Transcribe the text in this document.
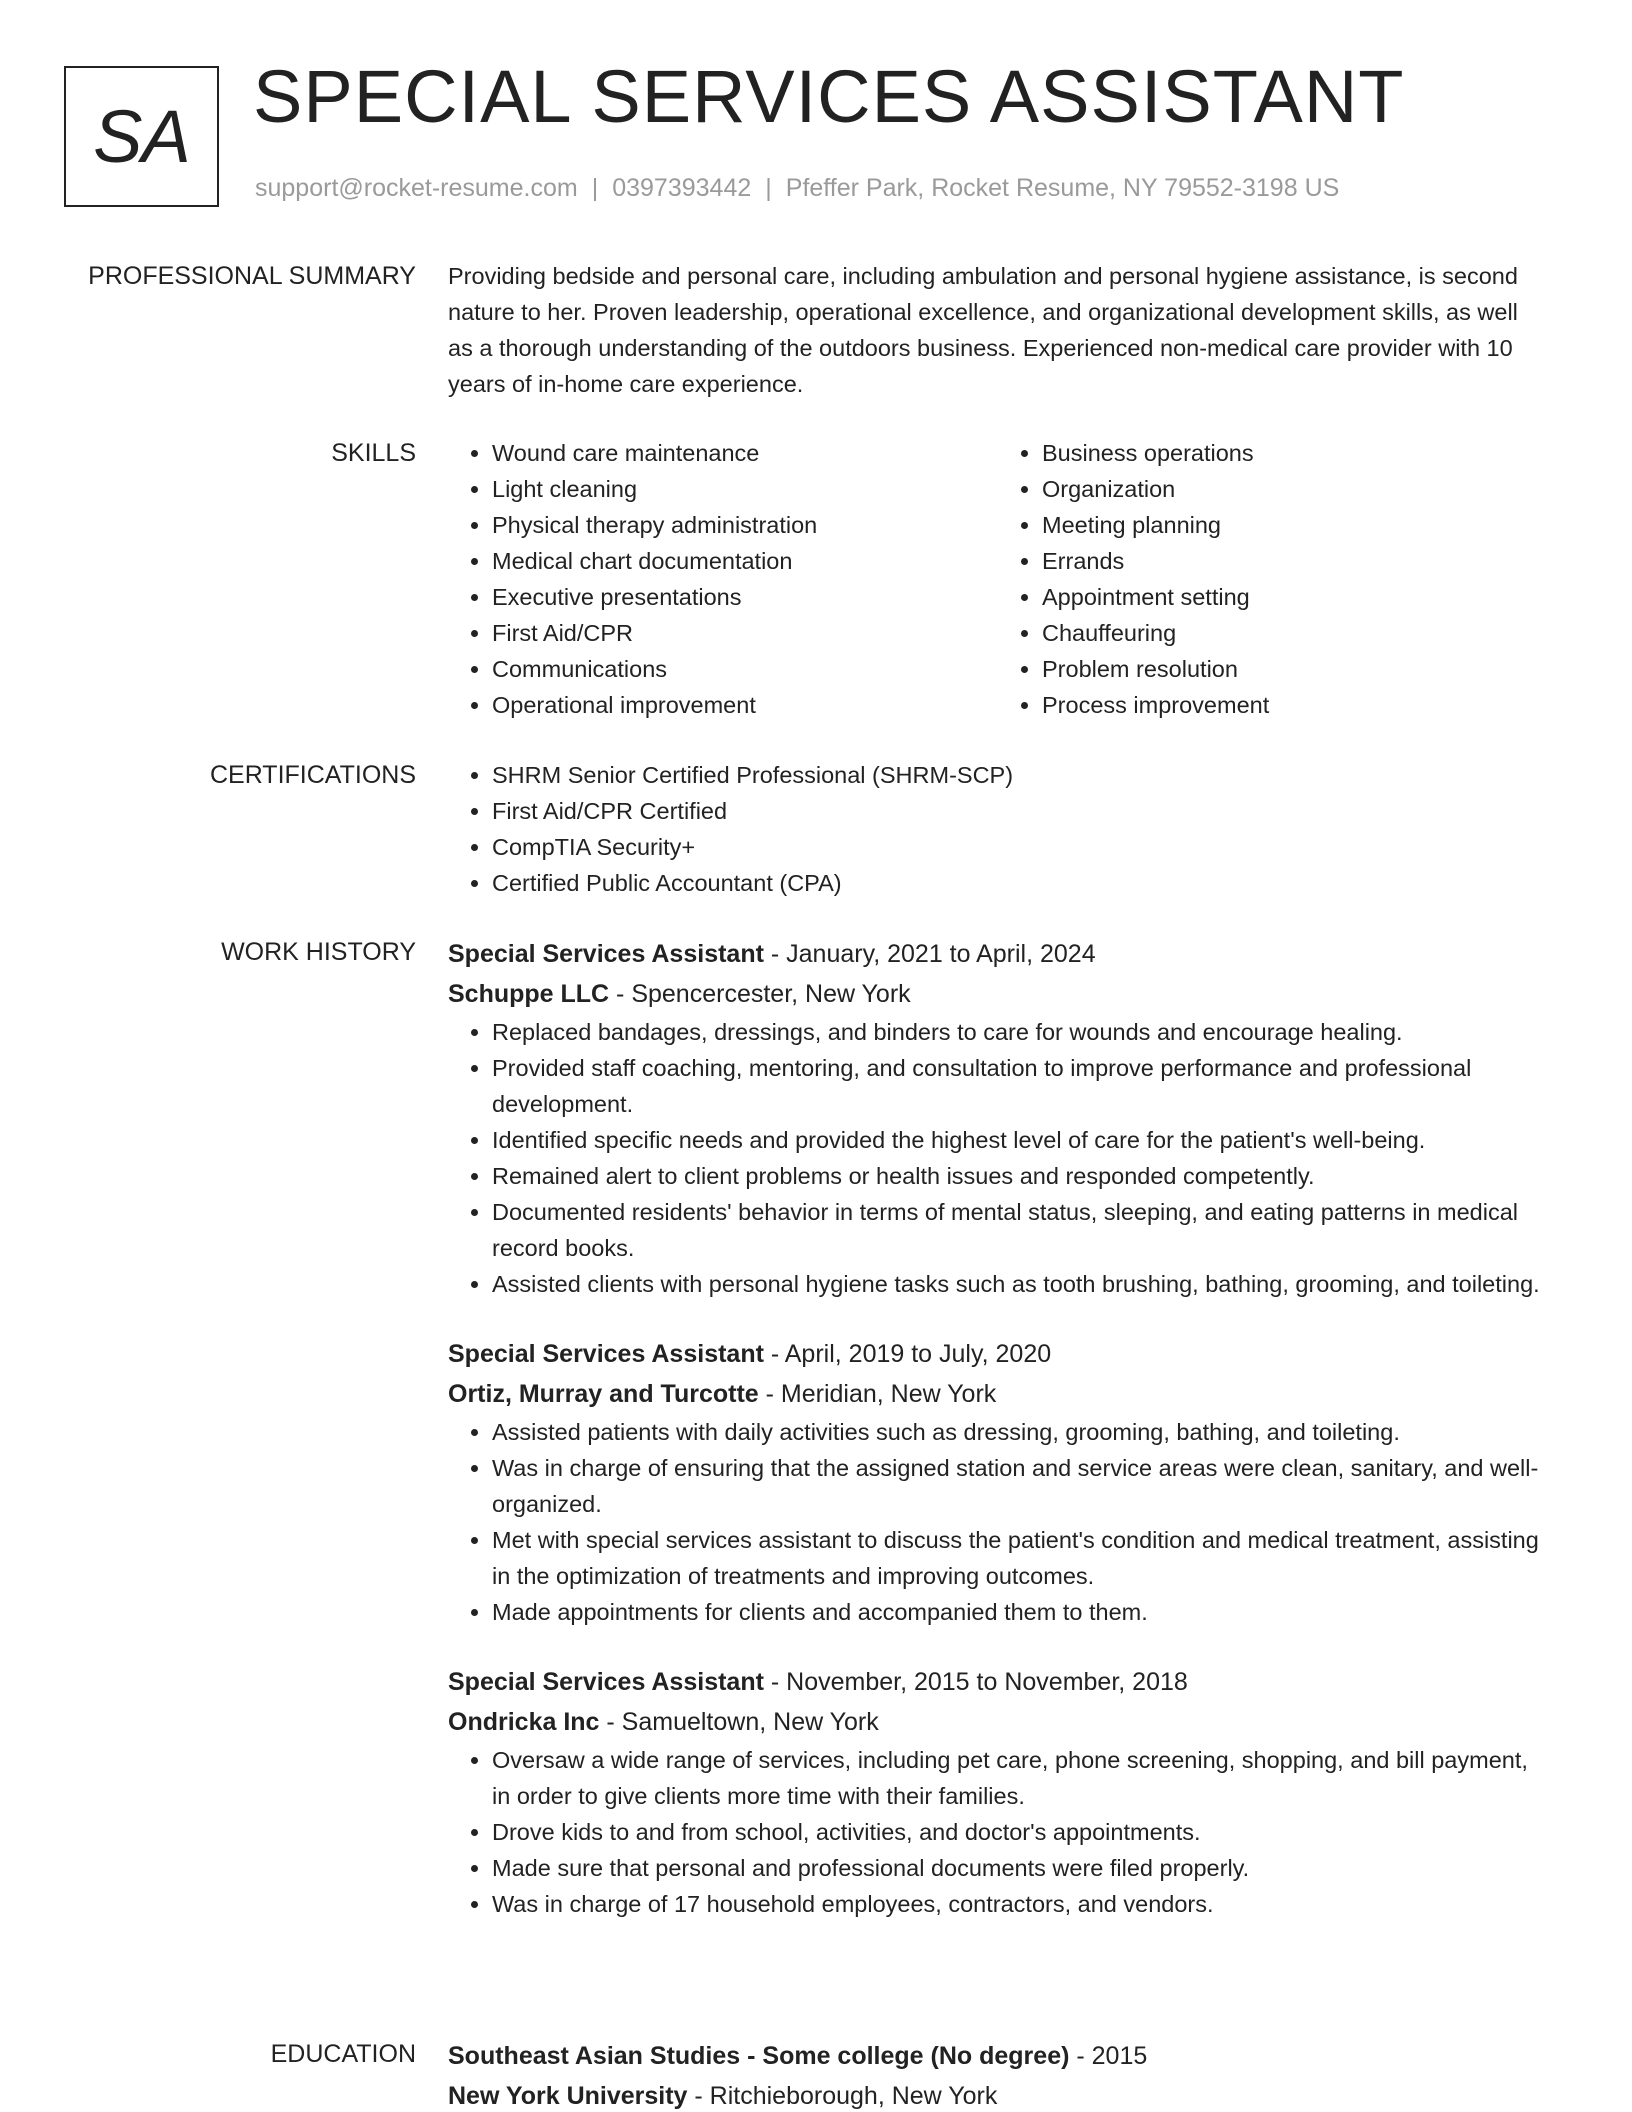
SA SPECIAL SERVICES ASSISTANT
support@rocket-resume.com | 0397393442 | Pfeffer Park, Rocket Resume, NY 79552-3198 US
PROFESSIONAL SUMMARY Providing bedside and personal care, including ambulation and personal hygiene assistance, is second nature to her. Proven leadership, operational excellence, and organizational development skills, as well as a thorough understanding of the outdoors business. Experienced non-medical care provider with 10 years of in-home care experience.

SKILLS	• Wound care maintenance
• Light cleaning
• Physical therapy administration
• Medical chart documentation
• Executive presentations
• First Aid/CPR
• Communications
• Operational improvement
• Business operations
• Organization
• Meeting planning
• Errands
• Appointment setting
• Chauffeuring
• Problem resolution
• Process improvement
CERTIFICATIONS	• SHRM Senior Certified Professional (SHRM-SCP)
• First Aid/CPR Certified
• CompTIA Security+
• Certified Public Accountant (CPA)
WORK HISTORY Special Services Assistant - January, 2021 to April, 2024
Schuppe LLC - Spencercester, New York
• Replaced bandages, dressings, and binders to care for wounds and encourage healing.
• Provided staff coaching, mentoring, and consultation to improve performance and professional development.
• Identified specific needs and provided the highest level of care for the patient's well-being.
• Remained alert to client problems or health issues and responded competently.
• Documented residents' behavior in terms of mental status, sleeping, and eating patterns in medical record books.
• Assisted clients with personal hygiene tasks such as tooth brushing, bathing, grooming, and toileting.
Special Services Assistant - April, 2019 to July, 2020
Ortiz, Murray and Turcotte - Meridian, New York
• Assisted patients with daily activities such as dressing, grooming, bathing, and toileting.
• Was in charge of ensuring that the assigned station and service areas were clean, sanitary, and well-organized.
• Met with special services assistant to discuss the patient's condition and medical treatment, assisting in the optimization of treatments and improving outcomes.
• Made appointments for clients and accompanied them to them.
Special Services Assistant - November, 2015 to November, 2018
Ondricka Inc - Samueltown, New York
• Oversaw a wide range of services, including pet care, phone screening, shopping, and bill payment, in order to give clients more time with their families.
• Drove kids to and from school, activities, and doctor's appointments.
• Made sure that personal and professional documents were filed properly.
• Was in charge of 17 household employees, contractors, and vendors.
EDUCATION Southeast Asian Studies - Some college (No degree) - 2015
New York University - Ritchieborough, New York
